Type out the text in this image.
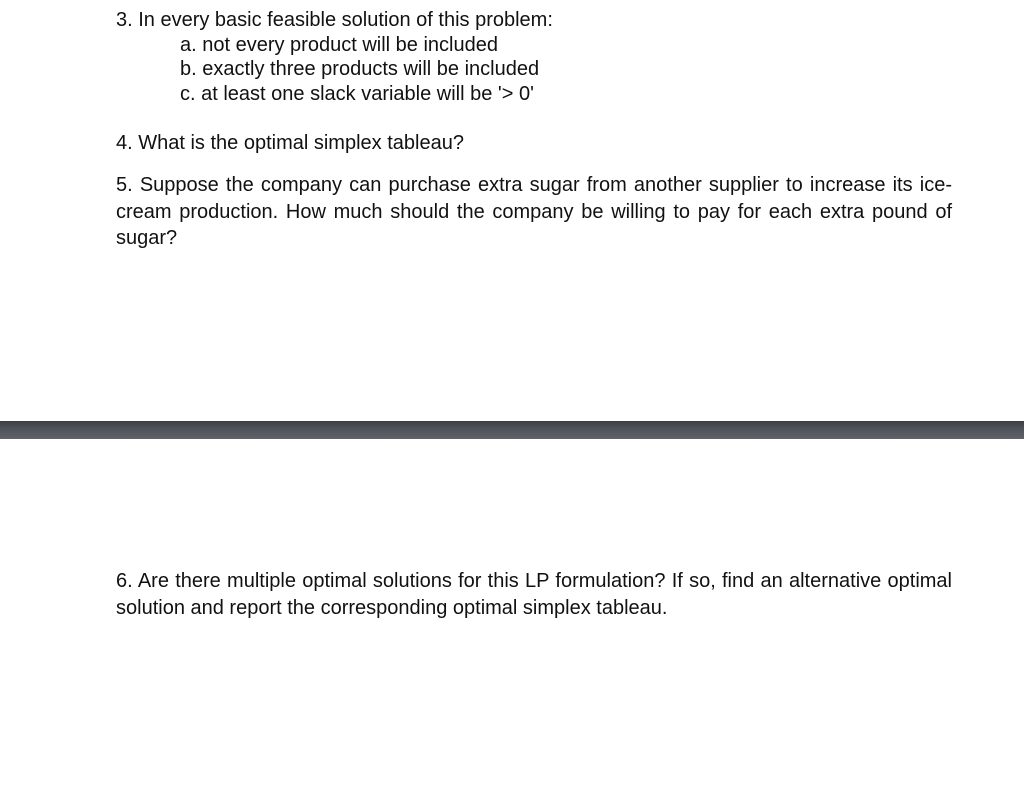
3. In every basic feasible solution of this problem:
a. not every product will be included
b. exactly three products will be included
c. at least one slack variable will be '> 0'
4. What is the optimal simplex tableau?
5. Suppose the company can purchase extra sugar from another supplier to increase its ice-cream production. How much should the company be willing to pay for each extra pound of sugar?
6. Are there multiple optimal solutions for this LP formulation? If so, find an alternative optimal solution and report the corresponding optimal simplex tableau.
